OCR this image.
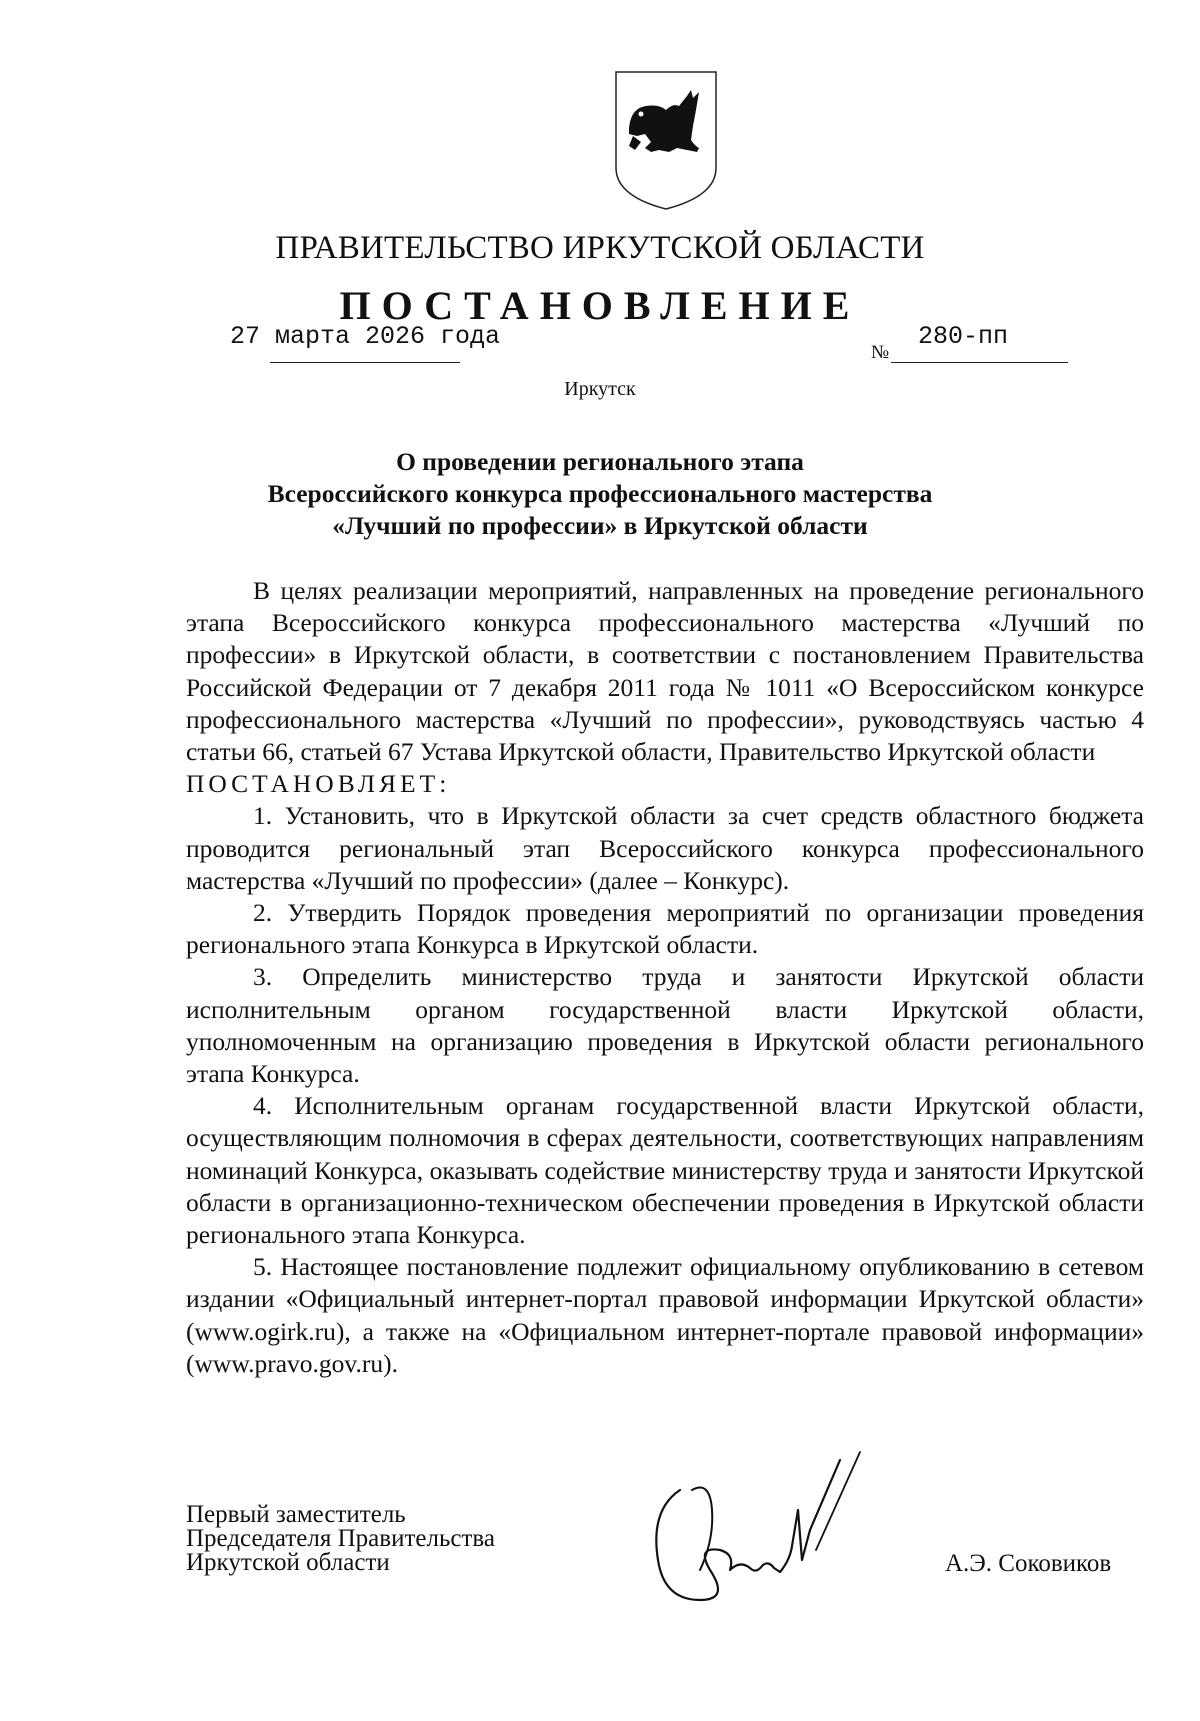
ПРАВИТЕЛЬСТВО ИРКУТСКОЙ ОБЛАСТИ
ПОСТАНОВЛЕНИЕ
27 марта 2026 года
№
280-пп
Иркутск
О проведении регионального этапа
Всероссийского конкурса профессионального мастерства
«Лучший по профессии» в Иркутской области

В целях реализации мероприятий, направленных на проведение регионального этапа Всероссийского конкурса профессионального мастерства «Лучший по профессии» в Иркутской области, в соответствии с постановлением Правительства Российской Федерации от 7 декабря 2011 года № 1011 «О Всероссийском конкурсе профессионального мастерства «Лучший по профессии», руководствуясь частью 4 статьи 66, статьей 67 Устава Иркутской области, Правительство Иркутской области

ПОСТАНОВЛЯЕТ:

1. Установить, что в Иркутской области за счет средств областного бюджета проводится региональный этап Всероссийского конкурса профессионального мастерства «Лучший по профессии» (далее – Конкурс).

2. Утвердить Порядок проведения мероприятий по организации проведения регионального этапа Конкурса в Иркутской области.

3. Определить министерство труда и занятости Иркутской области исполнительным органом государственной власти Иркутской области, уполномоченным на организацию проведения в Иркутской области регионального этапа Конкурса.

4. Исполнительным органам государственной власти Иркутской области, осуществляющим полномочия в сферах деятельности, соответствующих направлениям номинаций Конкурса, оказывать содействие министерству труда и занятости Иркутской области в организационно-техническом обеспечении проведения в Иркутской области регионального этапа Конкурса.

5. Настоящее постановление подлежит официальному опубликованию в сетевом издании «Официальный интернет-портал правовой информации Иркутской области» (www.ogirk.ru), а также на «Официальном интернет-портале правовой информации» (www.pravo.gov.ru).

Первый заместитель
Председателя Правительства
Иркутской области	А.Э. Соковиков
